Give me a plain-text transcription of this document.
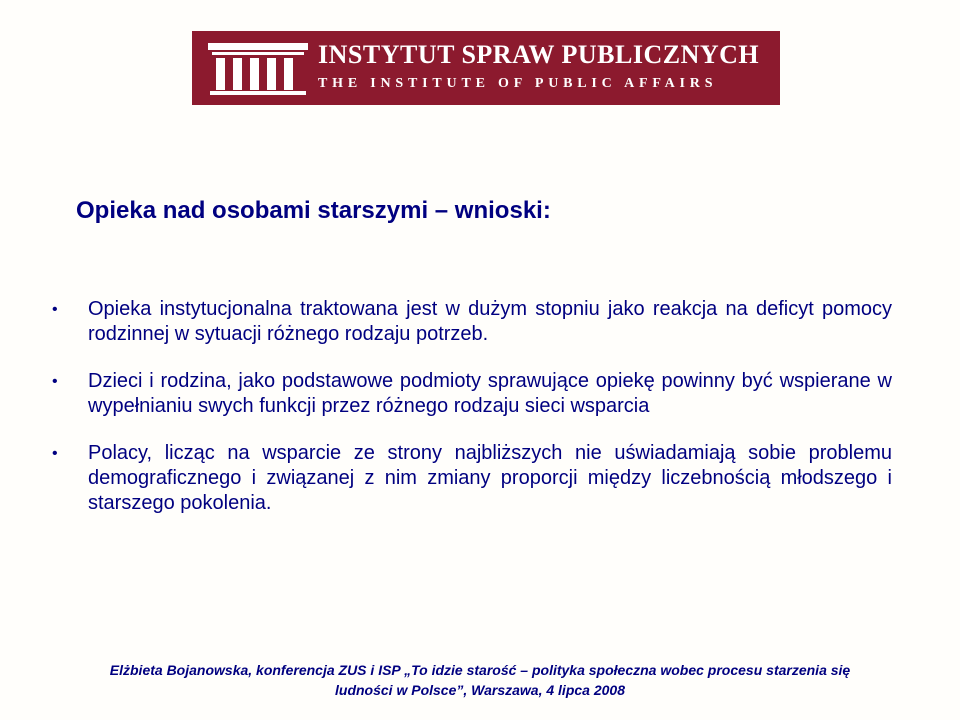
INSTYTUT SPRAW PUBLICZNYCH
THE INSTITUTE OF PUBLIC AFFAIRS
Opieka nad osobami starszymi – wnioski:
• Opieka instytucjonalna traktowana jest w dużym stopniu jako reakcja na deficyt pomocy rodzinnej w sytuacji różnego rodzaju potrzeb.
• Dzieci i rodzina, jako podstawowe podmioty sprawujące opiekę powinny być wspierane w wypełnianiu swych funkcji przez różnego rodzaju sieci wsparcia
• Polacy, licząc na wsparcie ze strony najbliższych nie uświadamiają sobie problemu demograficznego i związanej z nim zmiany proporcji między liczebnością młodszego i starszego pokolenia.
Elżbieta Bojanowska, konferencja ZUS i ISP „To idzie starość – polityka społeczna wobec procesu starzenia się
ludności w Polsce”, Warszawa, 4 lipca 2008
